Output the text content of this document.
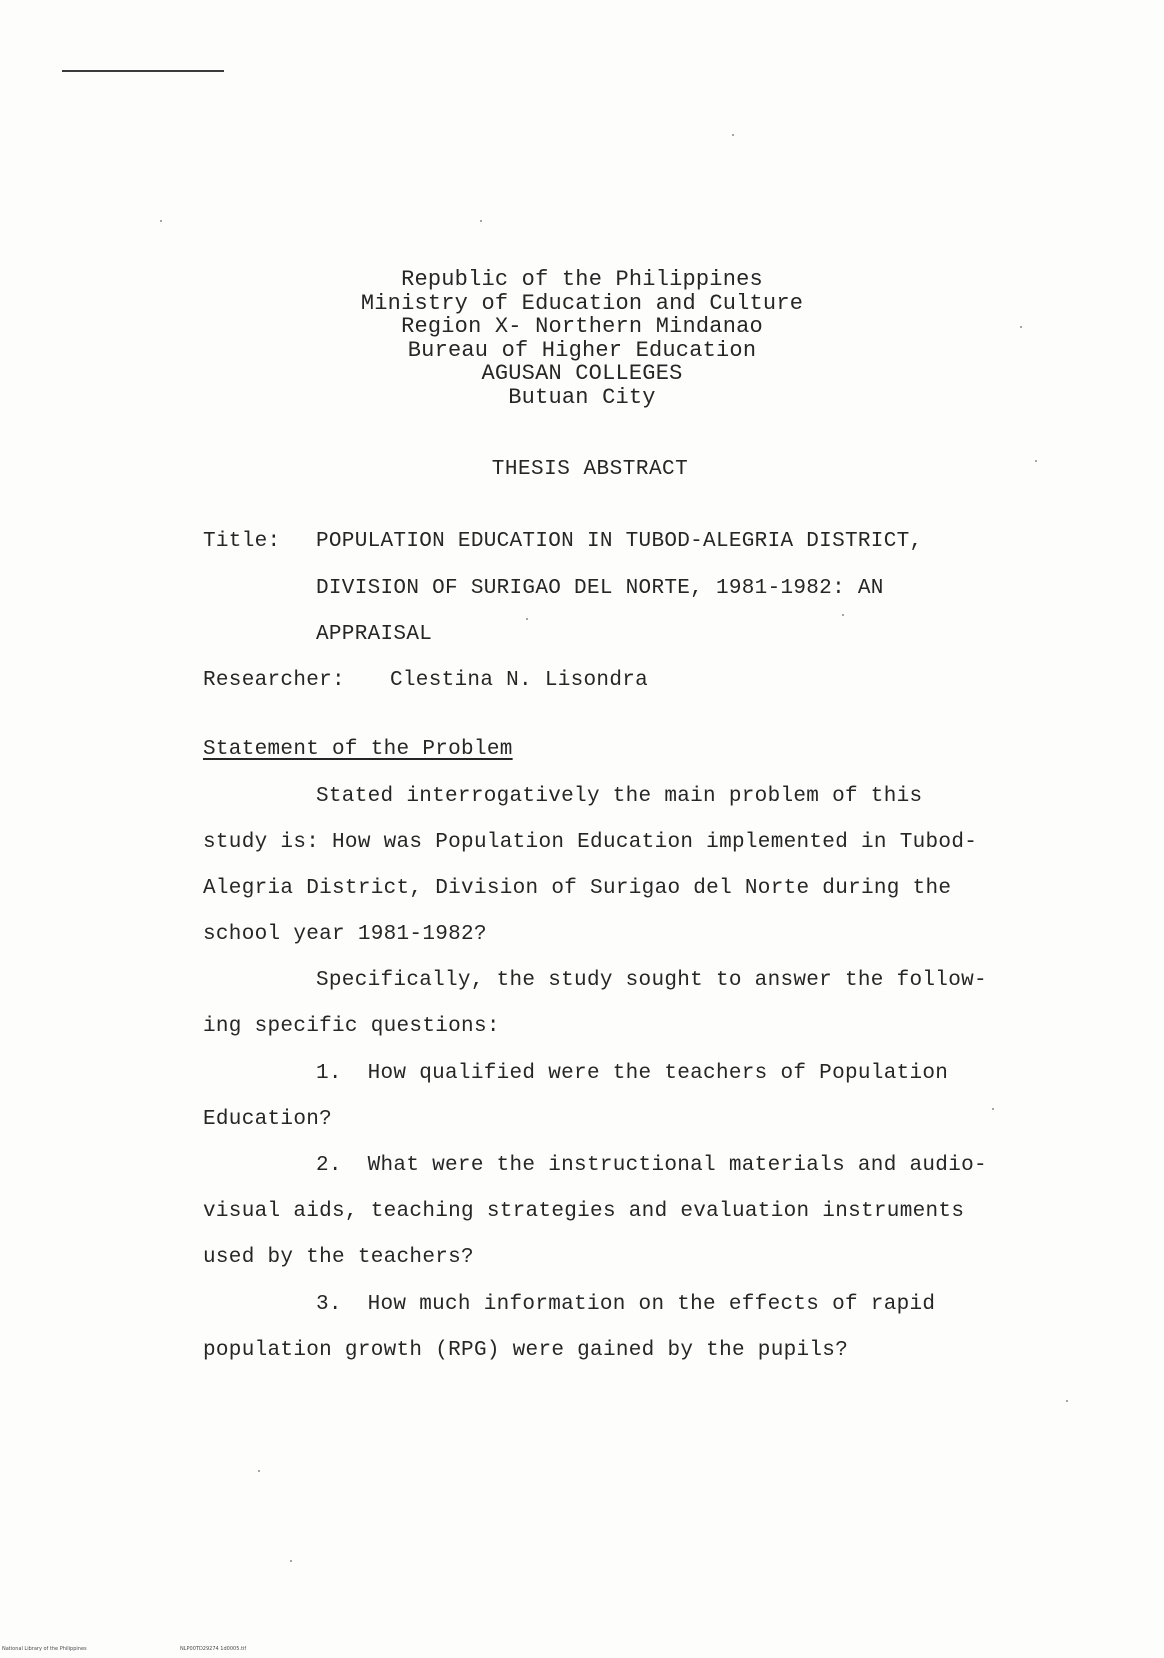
Republic of the Philippines
Ministry of Education and Culture
Region X- Northern Mindanao
Bureau of Higher Education
AGUSAN COLLEGES
Butuan City
THESIS ABSTRACT
Title: POPULATION EDUCATION IN TUBOD-ALEGRIA DISTRICT,
DIVISION OF SURIGAO DEL NORTE, 1981-1982: AN
APPRAISAL
Researcher: Clestina N. Lisondra
Statement of the Problem
Stated interrogatively the main problem of this
study is: How was Population Education implemented in Tubod-
Alegria District, Division of Surigao del Norte during the
school year 1981-1982?
Specifically, the study sought to answer the follow-
ing specific questions:
1.  How qualified were the teachers of Population
Education?
2.  What were the instructional materials and audio-
visual aids, teaching strategies and evaluation instruments
used by the teachers?
3.  How much information on the effects of rapid
population growth (RPG) were gained by the pupils?
National Library of the Philippines	NLP00TD29274 1d0005.tif
